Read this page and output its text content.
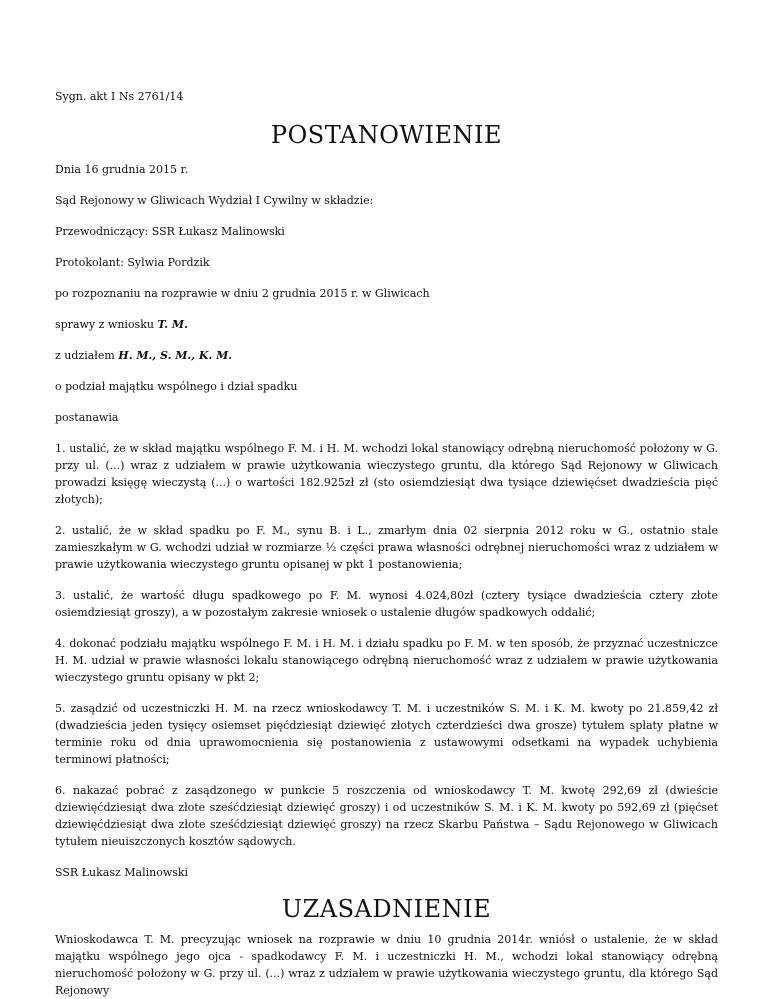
Sygn. akt I Ns 2761/14

POSTANOWIENIE

Dnia 16 grudnia 2015 r.

Sąd Rejonowy w Gliwicach Wydział I Cywilny w składzie:

Przewodniczący: SSR Łukasz Malinowski

Protokolant: Sylwia Pordzik

po rozpoznaniu na rozprawie w dniu 2 grudnia 2015 r. w Gliwicach

sprawy z wniosku T. M.

z udziałem H. M., S. M., K. M.

o podział majątku wspólnego i dział spadku

postanawia

1. ustalić, że w skład majątku wspólnego F. M. i H. M. wchodzi lokal stanowiący odrębną nieruchomość położony w G. przy ul. (...) wraz z udziałem w prawie użytkowania wieczystego gruntu, dla którego Sąd Rejonowy w Gliwicach prowadzi księgę wieczystą (...) o wartości 182.925zł zł (sto osiemdziesiąt dwa tysiące dziewięćset dwadzieścia pięć złotych);

2. ustalić, że w skład spadku po F. M., synu B. i L., zmarłym dnia 02 sierpnia 2012 roku w G., ostatnio stale zamieszkałym w G. wchodzi udział w rozmiarze ½ części prawa własności odrębnej nieruchomości wraz z udziałem w prawie użytkowania wieczystego gruntu opisanej w pkt 1 postanowienia;

3. ustalić, że wartość długu spadkowego po F. M. wynosi 4.024,80zł (cztery tysiące dwadzieścia cztery złote osiemdziesiąt groszy), a w pozostałym zakresie wniosek o ustalenie długów spadkowych oddalić;

4. dokonać podziału majątku wspólnego F. M. i H. M. i działu spadku po F. M. w ten sposób, że przyznać uczestniczce H. M. udział w prawie własności lokalu stanowiącego odrębną nieruchomość wraz z udziałem w prawie użytkowania wieczystego gruntu opisany w pkt 2;

5. zasądzić od uczestniczki H. M. na rzecz wnioskodawcy T. M. i uczestników S. M. i K. M. kwoty po 21.859,42 zł (dwadzieścia jeden tysięcy osiemset pięćdziesiąt dziewięć złotych czterdzieści dwa grosze) tytułem spłaty płatne w terminie roku od dnia uprawomocnienia się postanowienia z ustawowymi odsetkami na wypadek uchybienia terminowi płatności;

6. nakazać pobrać z zasądzonego w punkcie 5 roszczenia od wnioskodawcy T. M. kwotę 292,69 zł (dwieście dziewięćdziesiąt dwa złote sześćdziesiąt dziewięć groszy) i od uczestników S. M. i K. M. kwoty po 592,69 zł (pięćset dziewięćdziesiąt dwa złote sześćdziesiąt dziewięć groszy) na rzecz Skarbu Państwa – Sądu Rejonowego w Gliwicach tytułem nieuiszczonych kosztów sądowych.

SSR Łukasz Malinowski

UZASADNIENIE

Wnioskodawca T. M. precyzując wniosek na rozprawie w dniu 10 grudnia 2014r. wniósł o ustalenie, że w skład majątku wspólnego jego ojca - spadkodawcy F. M. i uczestniczki H. M., wchodzi lokal stanowiący odrębną nieruchomość położony w G. przy ul. (...) wraz z udziałem w prawie użytkowania wieczystego gruntu, dla którego Sąd Rejonowy
